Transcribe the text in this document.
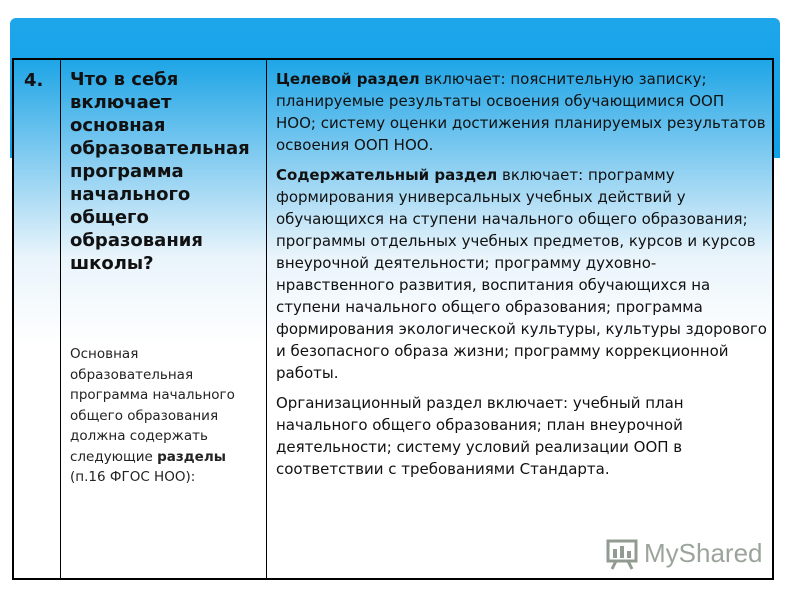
4. Что в себя включает основная образовательная программа начального общего образования школы?
Основная образовательная программа начального общего образования должна содержать следующие разделы (п.16 ФГОС НОО):

Целевой раздел включает: пояснительную записку; планируемые результаты освоения обучающимися ООП НОО; систему оценки достижения планируемых результатов освоения ООП НОО.

Содержательный раздел включает: программу формирования универсальных учебных действий у обучающихся на ступени начального общего образования; программы отдельных учебных предметов, курсов и курсов внеурочной деятельности; программу духовно-нравственного развития, воспитания обучающихся на ступени начального общего образования; программа формирования экологической культуры, культуры здорового и безопасного образа жизни; программу коррекционной работы.

Организационный раздел включает: учебный план начального общего образования; план внеурочной деятельности; систему условий реализации ООП в соответствии с требованиями Стандарта.

MyShared
